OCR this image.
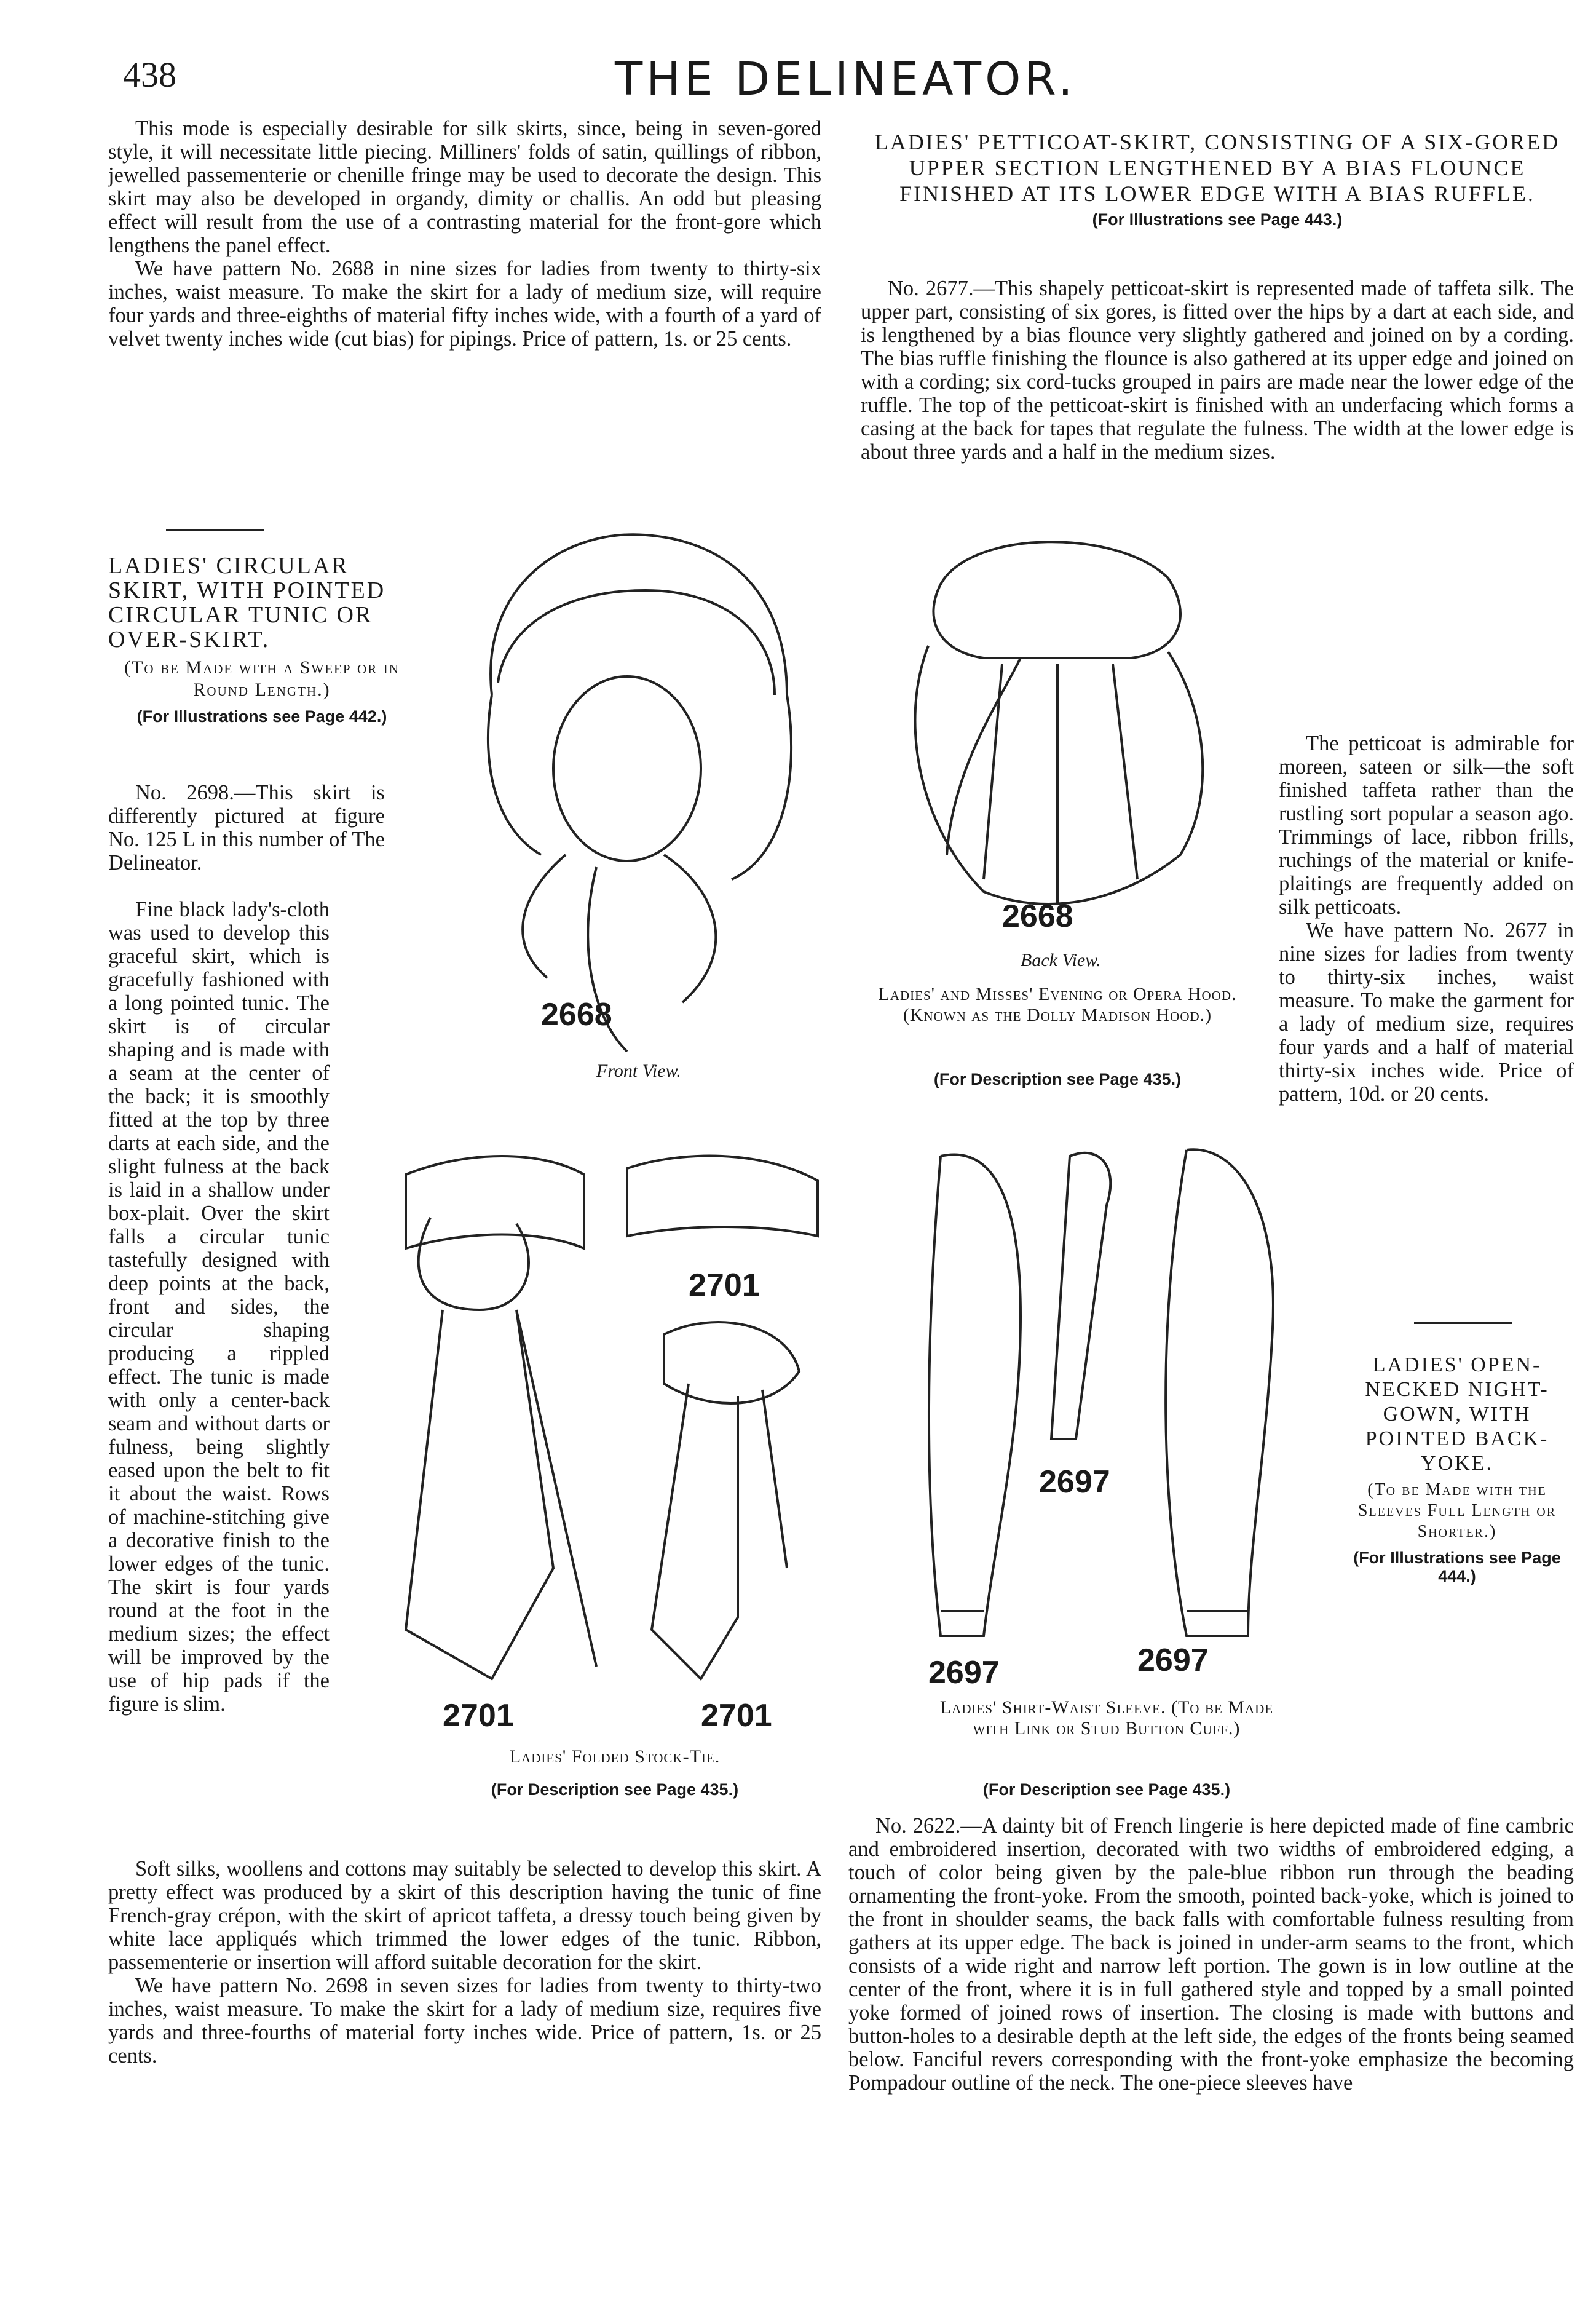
438	THE DELINEATOR.

This mode is especially desirable for silk skirts, since, being in seven-gored style, it will necessitate little piecing. Milliners' folds of satin, quillings of ribbon, jewelled passementerie or chenille fringe may be used to decorate the design. This skirt may also be developed in organdy, dimity or challis. An odd but pleasing effect will result from the use of a contrasting material for the front-gore which lengthens the panel effect.

We have pattern No. 2688 in nine sizes for ladies from twenty to thirty-six inches, waist measure. To make the skirt for a lady of medium size, will require four yards and three-eighths of material fifty inches wide, with a fourth of a yard of velvet twenty inches wide (cut bias) for pipings. Price of pattern, 1s. or 25 cents.

LADIES' CIRCULAR SKIRT, WITH POINTED CIRCULAR TUNIC OR OVER-SKIRT.
(To be Made with a Sweep or in Round Length.)
(For Illustrations see Page 442.)

No. 2698.—This skirt is differently pictured at figure No. 125 L in this number of The Delineator.

Fine black lady's-cloth was used to develop this graceful skirt, which is gracefully fashioned with a long pointed tunic. The skirt is of circular shaping and is made with a seam at the center of the back; it is smoothly fitted at the top by three darts at each side, and the slight fulness at the back is laid in a shallow under box-plait. Over the skirt falls a circular tunic tastefully designed with deep points at the back, front and sides, the circular shaping producing a rippled effect. The tunic is made with only a center-back seam and without darts or fulness, being slightly eased upon the belt to fit it about the waist. Rows of machine-stitching give a decorative finish to the lower edges of the tunic. The skirt is four yards round at the foot in the medium sizes; the effect will be improved by the use of hip pads if the figure is slim.

Soft silks, woollens and cottons may suitably be selected to develop this skirt. A pretty effect was produced by a skirt of this description having the tunic of fine French-gray crépon, with the skirt of apricot taffeta, a dressy touch being given by white lace appliqués which trimmed the lower edges of the tunic. Ribbon, passementerie or insertion will afford suitable decoration for the skirt.

We have pattern No. 2698 in seven sizes for ladies from twenty to thirty-two inches, waist measure. To make the skirt for a lady of medium size, requires five yards and three-fourths of material forty inches wide. Price of pattern, 1s. or 25 cents.

LADIES' PETTICOAT-SKIRT, CONSISTING OF A SIX-GORED UPPER SECTION LENGTHENED BY A BIAS FLOUNCE FINISHED AT ITS LOWER EDGE WITH A BIAS RUFFLE.
(For Illustrations see Page 443.)

No. 2677.—This shapely petticoat-skirt is represented made of taffeta silk. The upper part, consisting of six gores, is fitted over the hips by a dart at each side, and is lengthened by a bias flounce very slightly gathered and joined on by a cording. The bias ruffle finishing the flounce is also gathered at its upper edge and joined on with a cording; six cord-tucks grouped in pairs are made near the lower edge of the ruffle. The top of the petticoat-skirt is finished with an underfacing which forms a casing at the back for tapes that regulate the fulness. The width at the lower edge is about three yards and a half in the medium sizes.

The petticoat is admirable for moreen, sateen or silk—the soft finished taffeta rather than the rustling sort popular a season ago. Trimmings of lace, ribbon frills, ruchings of the material or knife-plaitings are frequently added on silk petticoats.

We have pattern No. 2677 in nine sizes for ladies from twenty to thirty-six inches, waist measure. To make the garment for a lady of medium size, requires four yards and a half of material thirty-six inches wide. Price of pattern, 10d. or 20 cents.

LADIES' OPEN-NECKED NIGHT-GOWN, WITH POINTED BACK-YOKE.
(To be Made with the Sleeves Full Length or Shorter.)
(For Illustrations see Page 444.)

No. 2622.—A dainty bit of French lingerie is here depicted made of fine cambric and embroidered insertion, decorated with two widths of embroidered edging, a touch of color being given by the pale-blue ribbon run through the beading ornamenting the front-yoke. From the smooth, pointed back-yoke, which is joined to the front in shoulder seams, the back falls with comfortable fulness resulting from gathers at its upper edge. The back is joined in under-arm seams to the front, which consists of a wide right and narrow left portion. The gown is in low outline at the center of the front, where it is in full gathered style and topped by a small pointed yoke formed of joined rows of insertion. The closing is made with buttons and button-holes to a desirable depth at the left side, the edges of the fronts being seamed below. Fanciful revers corresponding with the front-yoke emphasize the becoming Pompadour outline of the neck. The one-piece sleeves have

2668
Front View.
2668
Back View.
Ladies' and Misses' Evening or Opera Hood. (Known as the Dolly Madison Hood.)
(For Description see Page 435.)
2701
2701	2701
Ladies' Folded Stock-Tie.
(For Description see Page 435.)
2697
2697	2697
Ladies' Shirt-Waist Sleeve. (To be Made with Link or Stud Button Cuff.)
(For Description see Page 435.)
